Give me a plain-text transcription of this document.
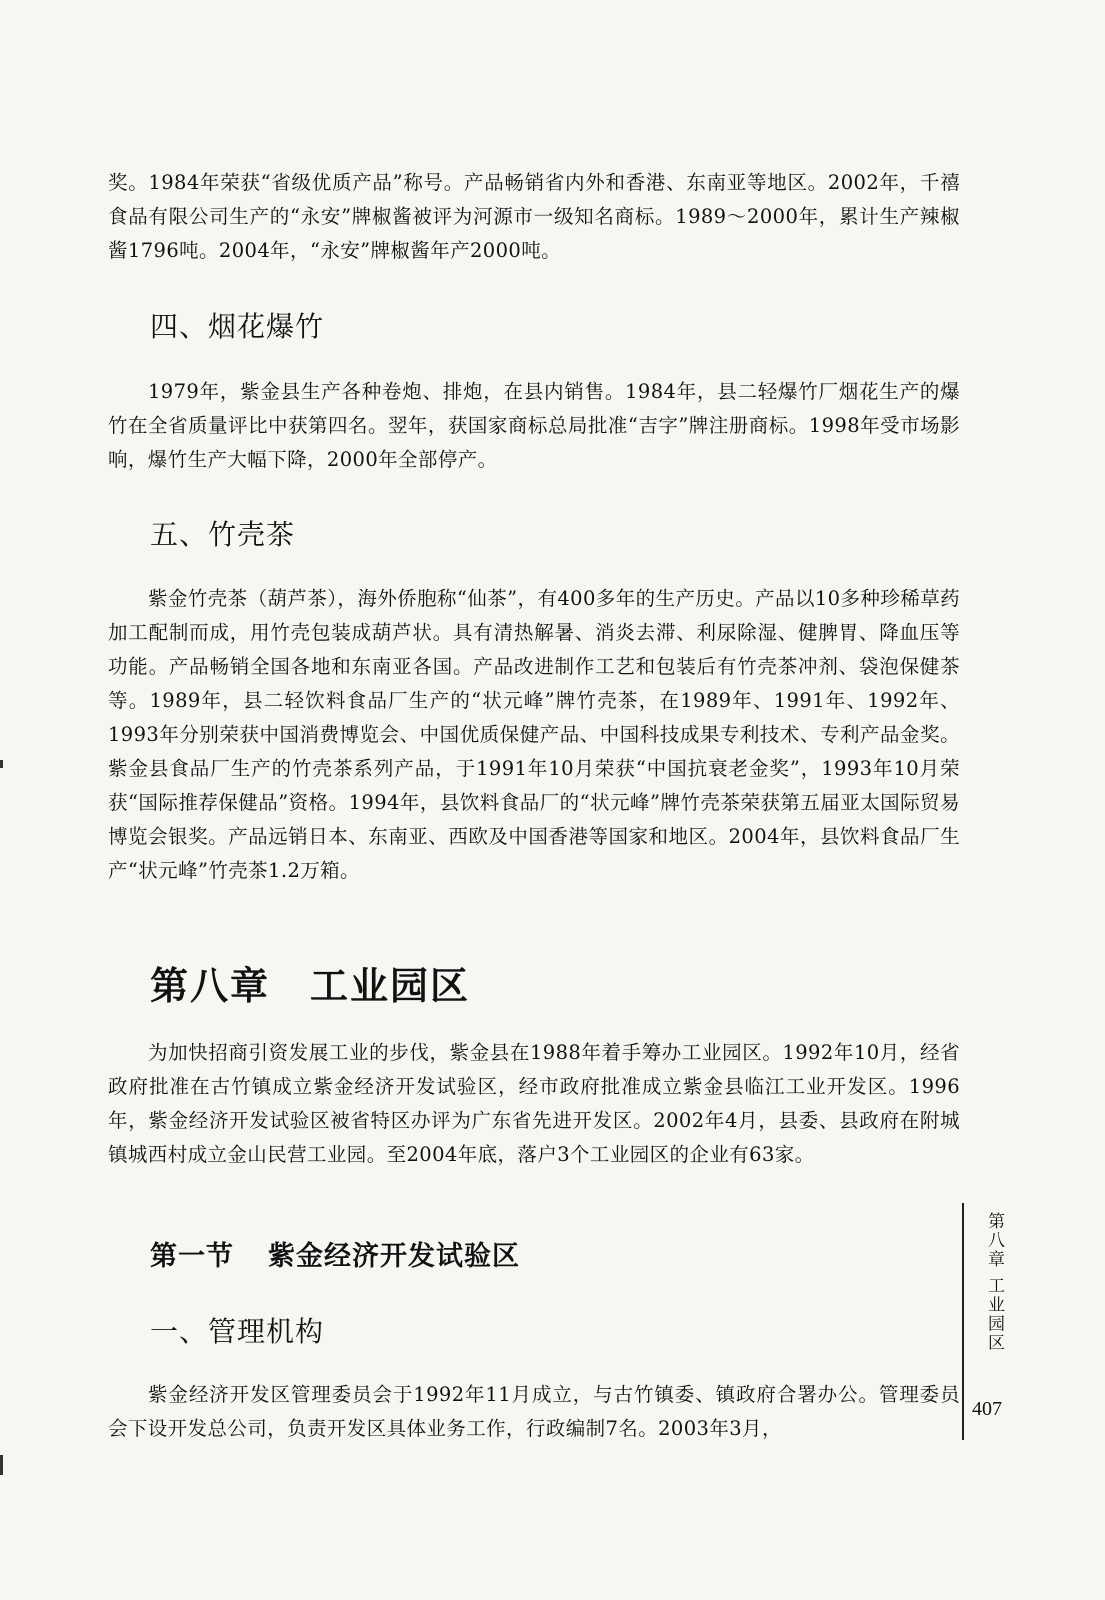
奖。1984年荣获“省级优质产品”称号。产品畅销省内外和香港、东南亚等地区。2002年，千禧食品有限公司生产的“永安”牌椒酱被评为河源市一级知名商标。1989～2000年，累计生产辣椒酱1796吨。2004年，“永安”牌椒酱年产2000吨。

四、烟花爆竹

1979年，紫金县生产各种卷炮、排炮，在县内销售。1984年，县二轻爆竹厂烟花生产的爆竹在全省质量评比中获第四名。翌年，获国家商标总局批准“吉字”牌注册商标。1998年受市场影响，爆竹生产大幅下降，2000年全部停产。

五、竹壳茶

紫金竹壳茶（葫芦茶），海外侨胞称“仙茶”，有400多年的生产历史。产品以10多种珍稀草药加工配制而成，用竹壳包装成葫芦状。具有清热解暑、消炎去滞、利尿除湿、健脾胃、降血压等功能。产品畅销全国各地和东南亚各国。产品改进制作工艺和包装后有竹壳茶冲剂、袋泡保健茶等。1989年，县二轻饮料食品厂生产的“状元峰”牌竹壳茶，在1989年、1991年、1992年、1993年分别荣获中国消费博览会、中国优质保健产品、中国科技成果专利技术、专利产品金奖。紫金县食品厂生产的竹壳茶系列产品，于1991年10月荣获“中国抗衰老金奖”，1993年10月荣获“国际推荐保健品”资格。1994年，县饮料食品厂的“状元峰”牌竹壳茶荣获第五届亚太国际贸易博览会银奖。产品远销日本、东南亚、西欧及中国香港等国家和地区。2004年，县饮料食品厂生产“状元峰”竹壳茶1.2万箱。

第八章 工业园区

为加快招商引资发展工业的步伐，紫金县在1988年着手筹办工业园区。1992年10月，经省政府批准在古竹镇成立紫金经济开发试验区，经市政府批准成立紫金县临江工业开发区。1996年，紫金经济开发试验区被省特区办评为广东省先进开发区。2002年4月，县委、县政府在附城镇城西村成立金山民营工业园。至2004年底，落户3个工业园区的企业有63家。

第一节 紫金经济开发试验区
一、管理机构

紫金经济开发区管理委员会于1992年11月成立，与古竹镇委、镇政府合署办公。管理委员会下设开发总公司，负责开发区具体业务工作，行政编制7名。2003年3月，

第八章 工业园区
407
